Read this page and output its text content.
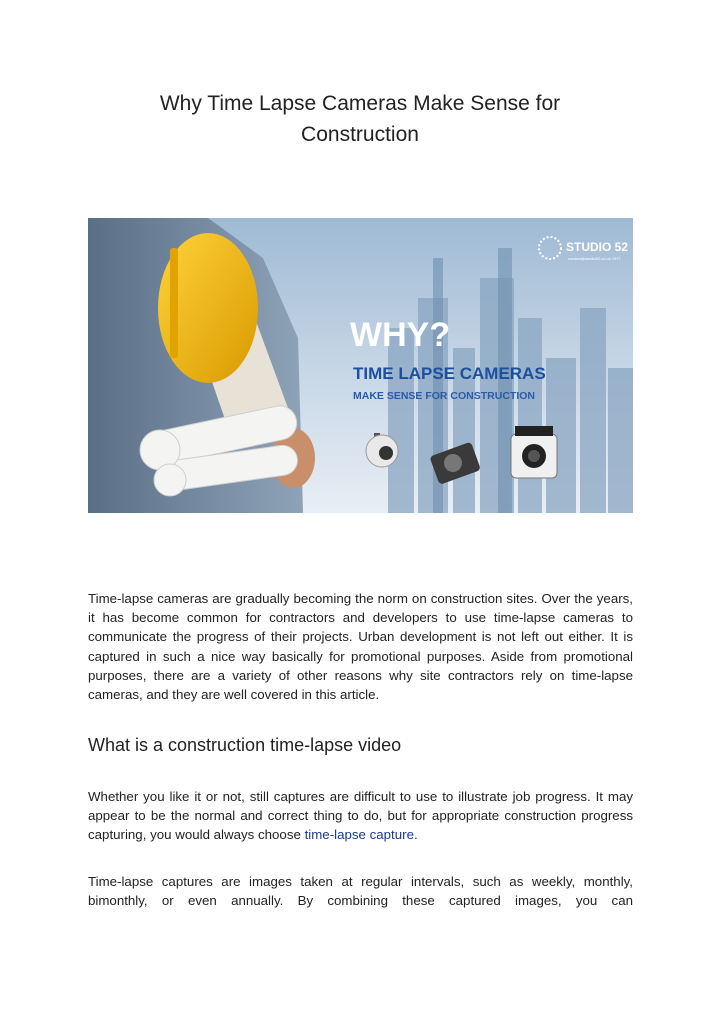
Why Time Lapse Cameras Make Sense for
Construction
STUDIO 52
contact@studio52.co.uk 1977
WHY?
TIME LAPSE CAMERAS
MAKE SENSE FOR CONSTRUCTION

Time-lapse cameras are gradually becoming the norm on construction sites. Over the years, it has become common for contractors and developers to use time-lapse cameras to communicate the progress of their projects. Urban development is not left out either. It is captured in such a nice way basically for promotional purposes. Aside from promotional purposes, there are a variety of other reasons why site contractors rely on time-lapse cameras, and they are well covered in this article.

What is a construction time-lapse video

Whether you like it or not, still captures are difficult to use to illustrate job progress. It may appear to be the normal and correct thing to do, but for appropriate construction progress capturing, you would always choose time-lapse capture.

Time-lapse captures are images taken at regular intervals, such as weekly, monthly, bimonthly, or even annually. By combining these captured images, you can
